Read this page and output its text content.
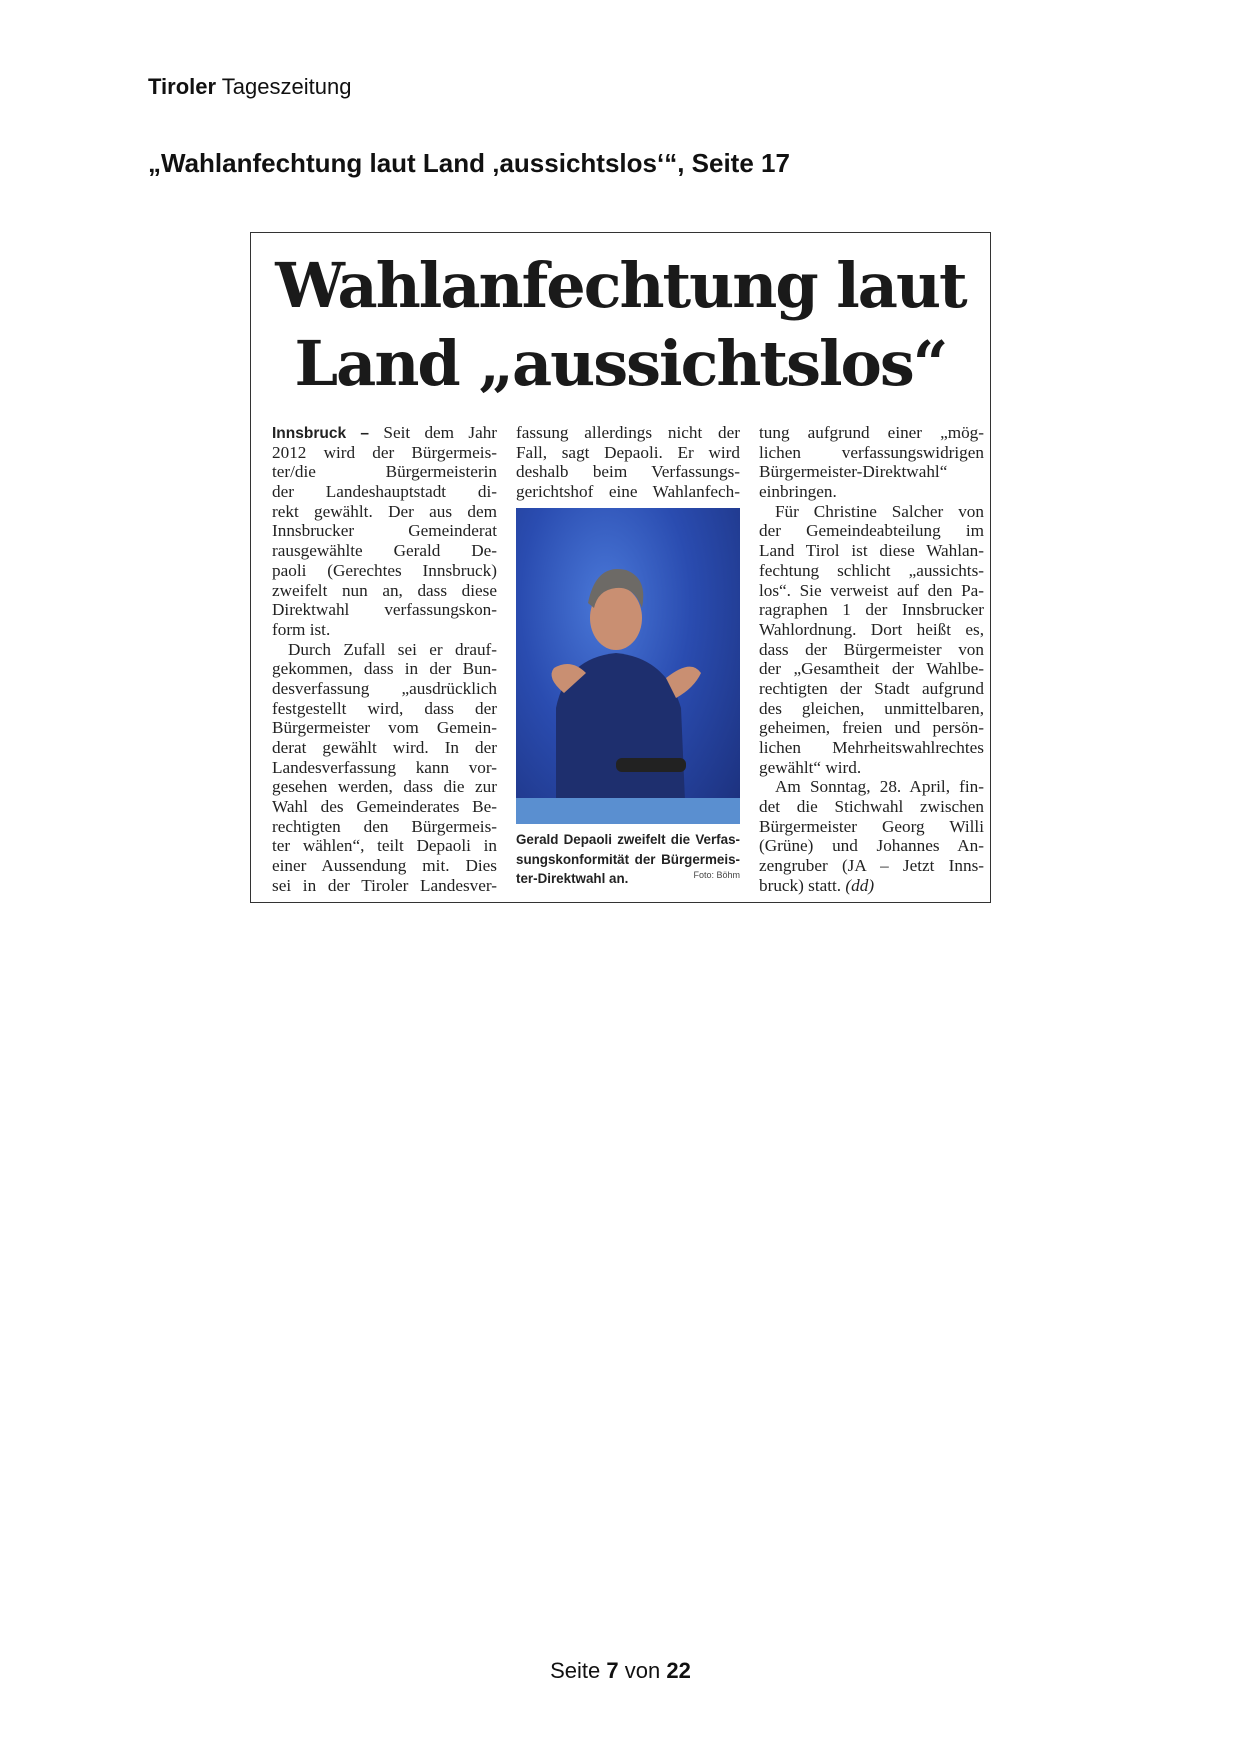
Tiroler Tageszeitung
„Wahlanfechtung laut Land ‚aussichtslos‘“, Seite 17
Wahlanfechtung laut
Land „aussichtslos“
Innsbruck – Seit dem Jahr
2012 wird der Bürgermeis-
ter/die Bürgermeisterin
der Landeshauptstadt di-
rekt gewählt. Der aus dem
Innsbrucker Gemeinderat
rausgewählte Gerald De-
paoli (Gerechtes Innsbruck)
zweifelt nun an, dass diese
Direktwahl verfassungskon-
form ist.
Durch Zufall sei er drauf-
gekommen, dass in der Bun-
desverfassung „ausdrücklich
festgestellt wird, dass der
Bürgermeister vom Gemein-
derat gewählt wird. In der
Landesverfassung kann vor-
gesehen werden, dass die zur
Wahl des Gemeinderates Be-
rechtigten den Bürgermeis-
ter wählen“, teilt Depaoli in
einer Aussendung mit. Dies
sei in der Tiroler Landesver-
fassung allerdings nicht der
Fall, sagt Depaoli. Er wird
deshalb beim Verfassungs-
gerichtshof eine Wahlanfech-
tung aufgrund einer „mög-
lichen verfassungswidrigen
Bürgermeister-Direktwahl“
einbringen.
Für Christine Salcher von
der Gemeindeabteilung im
Land Tirol ist diese Wahlan-
fechtung schlicht „aussichts-
los“. Sie verweist auf den Pa-
ragraphen 1 der Innsbrucker
Wahlordnung. Dort heißt es,
dass der Bürgermeister von
der „Gesamtheit der Wahlbe-
rechtigten der Stadt aufgrund
des gleichen, unmittelbaren,
geheimen, freien und persön-
lichen Mehrheitswahlrechtes
gewählt“ wird.
Am Sonntag, 28. April, fin-
det die Stichwahl zwischen
Bürgermeister Georg Willi
(Grüne) und Johannes An-
zengruber (JA – Jetzt Inns-
bruck) statt. (dd)
Gerald Depaoli zweifelt die Verfas-
sungskonformität der Bürgermeis-
ter-Direktwahl an.	Foto: Böhm
Seite 7 von 22
